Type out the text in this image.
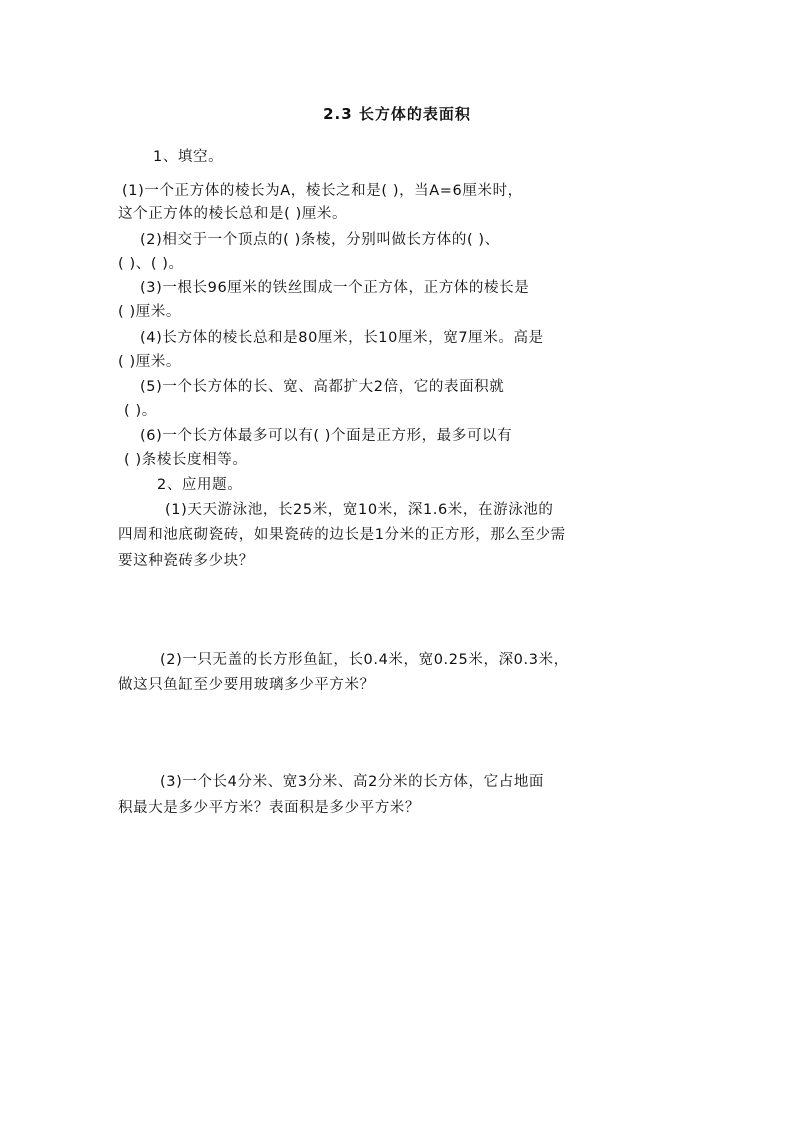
2.3 长方体的表面积
1、填空。
(1)一个正方体的棱长为A，棱长之和是( )，当A=6厘米时，
这个正方体的棱长总和是( )厘米。
(2)相交于一个顶点的( )条棱，分别叫做长方体的( )、
( )、( )。
(3)一根长96厘米的铁丝围成一个正方体，正方体的棱长是
( )厘米。
(4)长方体的棱长总和是80厘米，长10厘米，宽7厘米。高是
( )厘米。
(5)一个长方体的长、宽、高都扩大2倍，它的表面积就
( )。
(6)一个长方体最多可以有( )个面是正方形，最多可以有
( )条棱长度相等。
2、应用题。
(1)天天游泳池，长25米，宽10米，深1.6米，在游泳池的
四周和池底砌瓷砖，如果瓷砖的边长是1分米的正方形，那么至少需
要这种瓷砖多少块？
(2)一只无盖的长方形鱼缸，长0.4米，宽0.25米，深0.3米，
做这只鱼缸至少要用玻璃多少平方米？
(3)一个长4分米、宽3分米、高2分米的长方体，它占地面
积最大是多少平方米？表面积是多少平方米？
